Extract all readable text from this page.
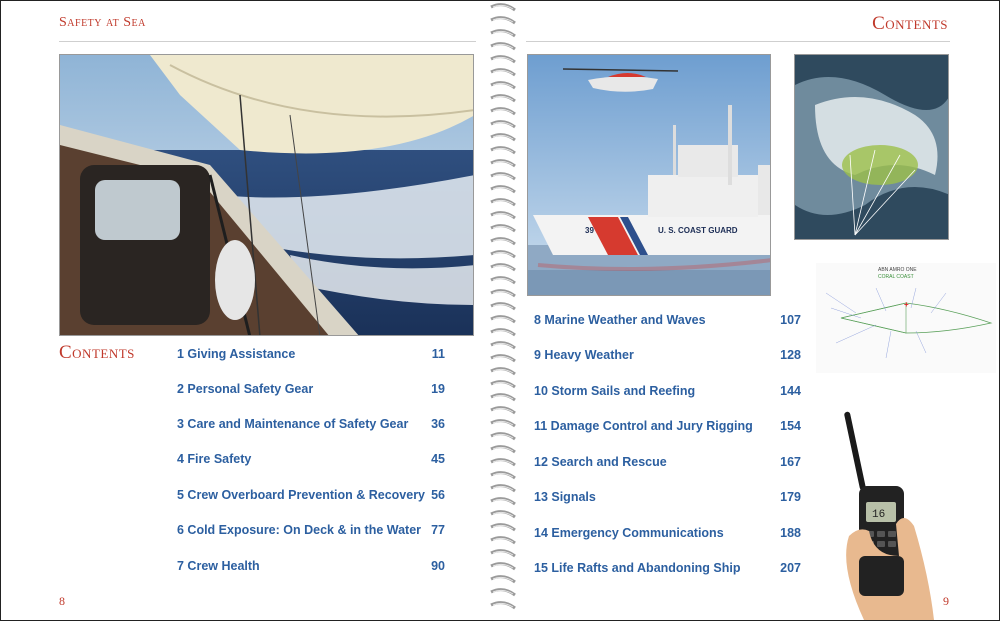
Safety at Sea
Contents	1 Giving Assistance	11
2 Personal Safety Gear	19
3 Care and Maintenance of Safety Gear	36
4 Fire Safety	45
5 Crew Overboard Prevention & Recovery 56
6 Cold Exposure: On Deck & in the Water 77
7 Crew Health	90
8
Contents
U. S. COAST GUARD
39
ABN AMRO ONE
CORAL COAST
+
16
8 Marine Weather and Waves	107
9 Heavy Weather	128
10 Storm Sails and Reefing	144
11 Damage Control and Jury Rigging	154
12 Search and Rescue	167
13 Signals	179
14 Emergency Communications	188
15 Life Rafts and Abandoning Ship	207
9
